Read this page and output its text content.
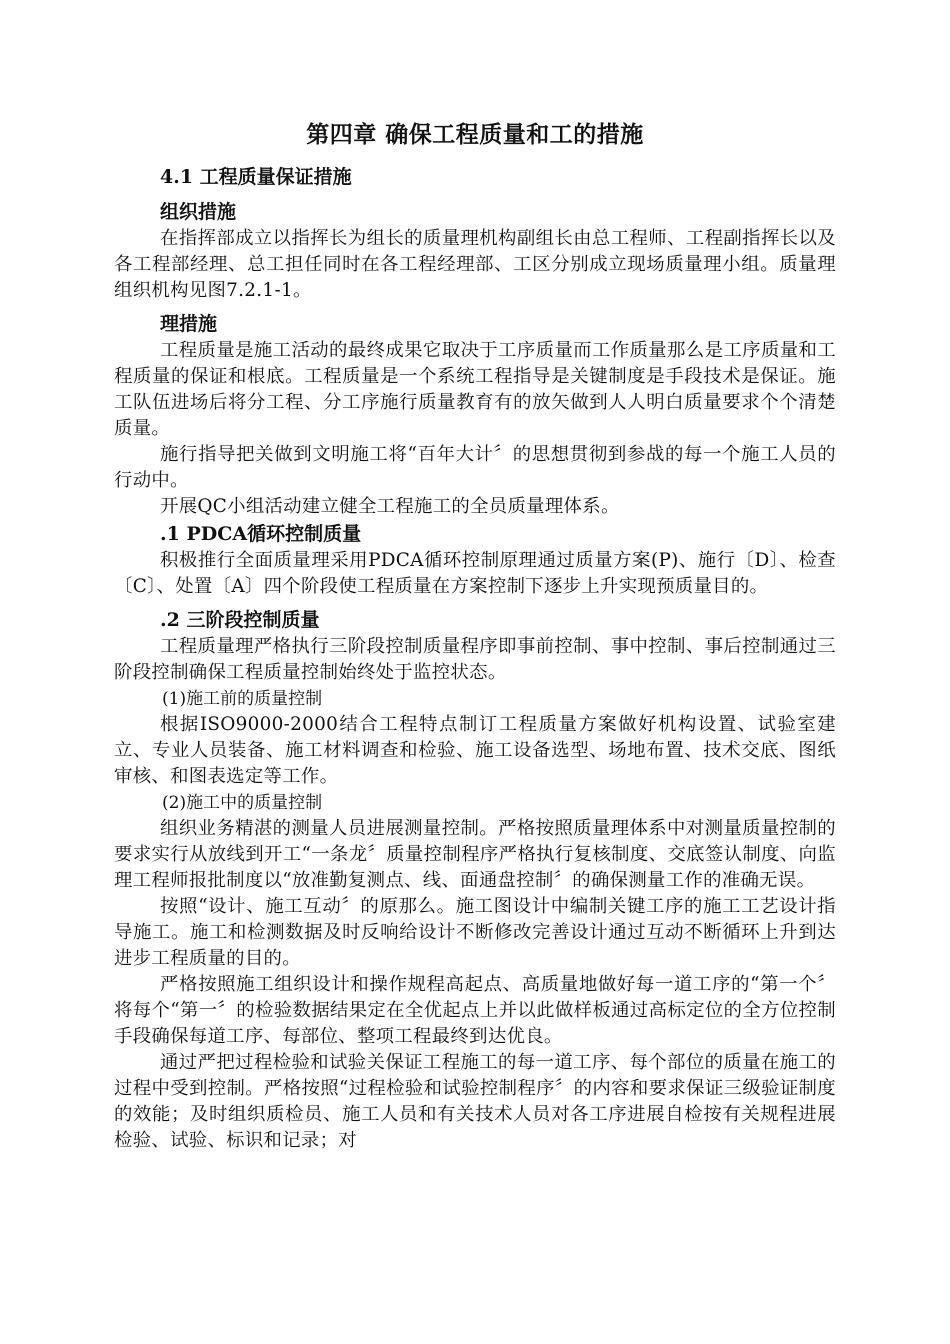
第四章 确保工程质量和工的措施
4.1 工程质量保证措施
组织措施

在指挥部成立以指挥长为组长的质量理机构副组长由总工程师、工程副指挥长以及各工程部经理、总工担任同时在各工程经理部、工区分别成立现场质量理小组。质量理组织机构见图7.2.1-1。

理措施

工程质量是施工活动的最终成果它取决于工序质量而工作质量那么是工序质量和工程质量的保证和根底。工程质量是一个系统工程指导是关键制度是手段技术是保证。施工队伍进场后将分工程、分工序施行质量教育有的放矢做到人人明白质量要求个个清楚质量。

施行指导把关做到文明施工将“百年大计〞的思想贯彻到参战的每一个施工人员的行动中。

开展QC小组活动建立健全工程施工的全员质量理体系。

.1 PDCA循环控制质量

积极推行全面质量理采用PDCA循环控制原理通过质量方案(P)、施行〔D〕、检查〔C〕、处置〔A〕四个阶段使工程质量在方案控制下逐步上升实现预质量目的。

.2 三阶段控制质量

工程质量理严格执行三阶段控制质量程序即事前控制、事中控制、事后控制通过三阶段控制确保工程质量控制始终处于监控状态。

(1)施工前的质量控制

根据ISO9000-2000结合工程特点制订工程质量方案做好机构设置、试验室建立、专业人员装备、施工材料调查和检验、施工设备选型、场地布置、技术交底、图纸审核、和图表选定等工作。

(2)施工中的质量控制

组织业务精湛的测量人员进展测量控制。严格按照质量理体系中对测量质量控制的要求实行从放线到开工“一条龙〞质量控制程序严格执行复核制度、交底签认制度、向监理工程师报批制度以“放准勤复测点、线、面通盘控制〞的确保测量工作的准确无误。

按照“设计、施工互动〞的原那么。施工图设计中编制关键工序的施工工艺设计指导施工。施工和检测数据及时反响给设计不断修改完善设计通过互动不断循环上升到达进步工程质量的目的。

严格按照施工组织设计和操作规程高起点、高质量地做好每一道工序的“第一个〞将每个“第一〞的检验数据结果定在全优起点上并以此做样板通过高标定位的全方位控制手段确保每道工序、每部位、整项工程最终到达优良。

通过严把过程检验和试验关保证工程施工的每一道工序、每个部位的质量在施工的过程中受到控制。严格按照“过程检验和试验控制程序〞的内容和要求保证三级验证制度的效能；及时组织质检员、施工人员和有关技术人员对各工序进展自检按有关规程进展检验、试验、标识和记录；对
